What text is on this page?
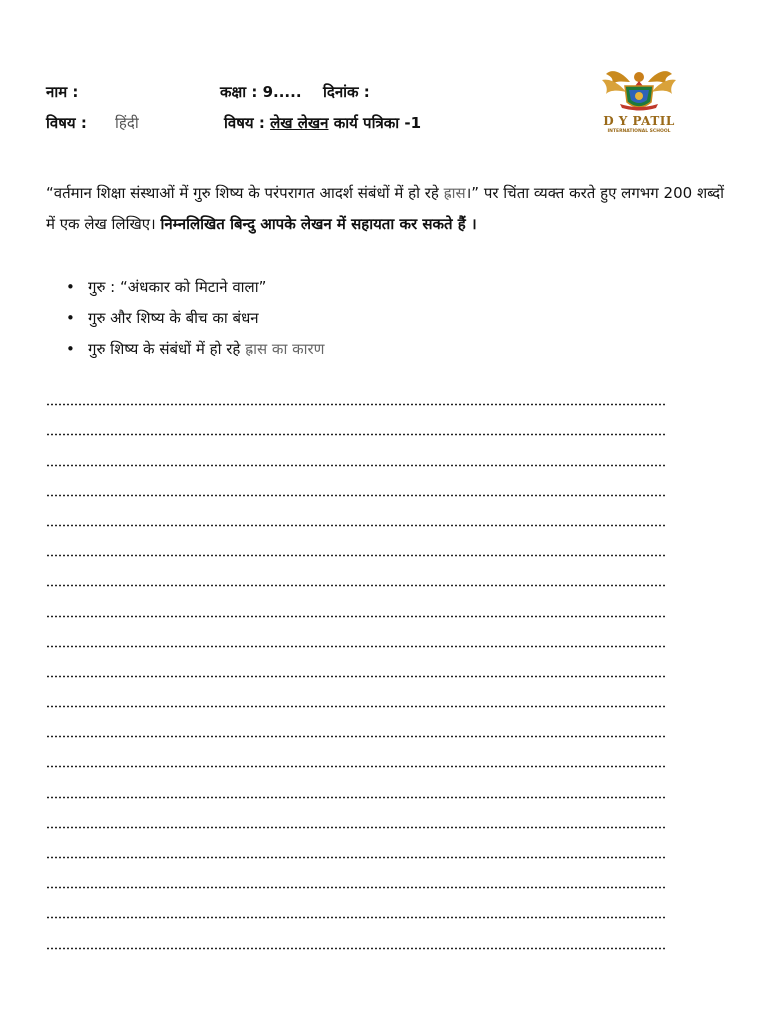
नाम :	कक्षा : 9..... दिनांक :
विषय : हिंदी	विषय : लेख लेखन कार्य पत्रिका -1	D Y PATIL
INTERNATIONAL SCHOOL
“वर्तमान शिक्षा संस्थाओं में गुरु शिष्य के परंपरागत आदर्श संबंधों में हो रहे ह्रास।” पर चिंता व्यक्त करते हुए लगभग 200 शब्दों में एक लेख लिखिए। निम्नलिखित बिन्दु आपके लेखन में सहायता कर सकते हैं ।
• गुरु : “अंधकार को मिटाने वाला”
• गुरु और शिष्य के बीच का बंधन
• गुरु शिष्य के संबंधों में हो रहे ह्रास का कारण
